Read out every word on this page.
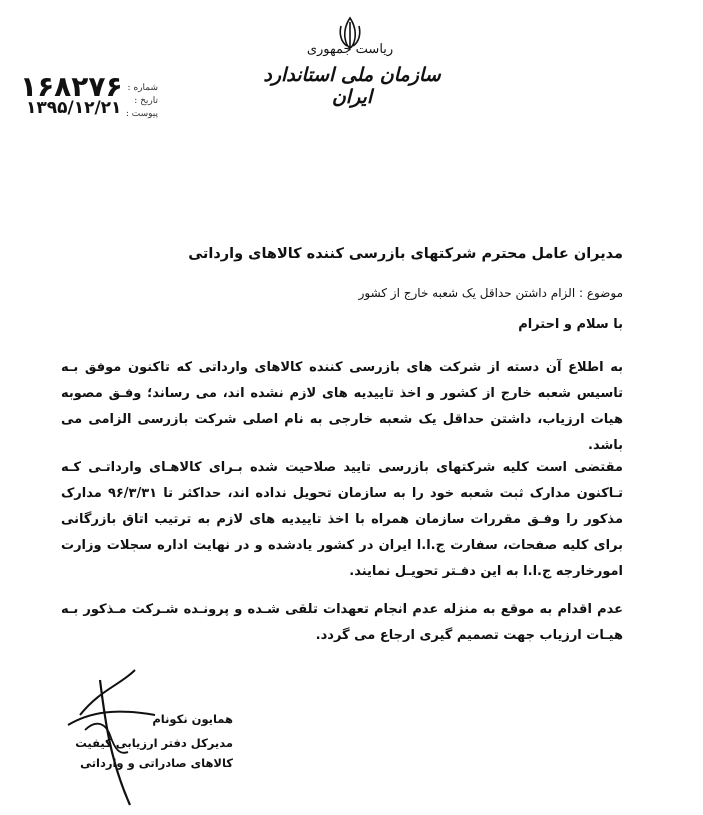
ریاست جمهوری
سازمان ملی استاندارد ایران
۱۶۸۲۷۶
۱۳۹۵/۱۲/۲۱
شماره :
تاریخ :
پیوست :
مدیران عامل محترم شرکتهای بازرسی کننده کالاهای وارداتی
موضوع : الزام داشتن حداقل یک شعبه خارج از کشور
با سلام و احترام
به اطلاع آن دسته از شرکت های بازرسی کننده کالاهای وارداتی که تاکنون موفق بـه تاسیس شعبه خارج از کشور و اخذ تاییدیه های لازم نشده اند، می رساند؛ وفـق مصوبه هیات ارزیاب، داشتن حداقل یک شعبه خارجی به نام اصلی شرکت بازرسی الزامی می باشد.
مقتضی است کلیه شرکتهای بازرسی تایید صلاحیت شده بـرای کالاهـای وارداتـی کـه تـاکنون مدارک ثبت شعبه خود را به سازمان تحویل نداده اند، حداکثر تا ۹۶/۳/۳۱ مدارک مذکور را وفـق مقررات سازمان همراه با اخذ تاییدیه های لازم به ترتیب اتاق بازرگانی برای کلیه صفحات، سفارت ج.ا.ا ایران در کشور یادشده و در نهایت اداره سجلات وزارت امورخارجه ج.ا.ا به این دفـتر تحویـل نمایند.
عدم اقدام به موقع به منزله عدم انجام تعهدات تلقی شـده و پرونـده شـرکت مـذکور بـه هیـات ارزیاب جهت تصمیم گیری ارجاع می گردد.
همایون نکونام
مدیرکل دفتر ارزیابی کیفیت
کالاهای صادراتی و وارداتی
